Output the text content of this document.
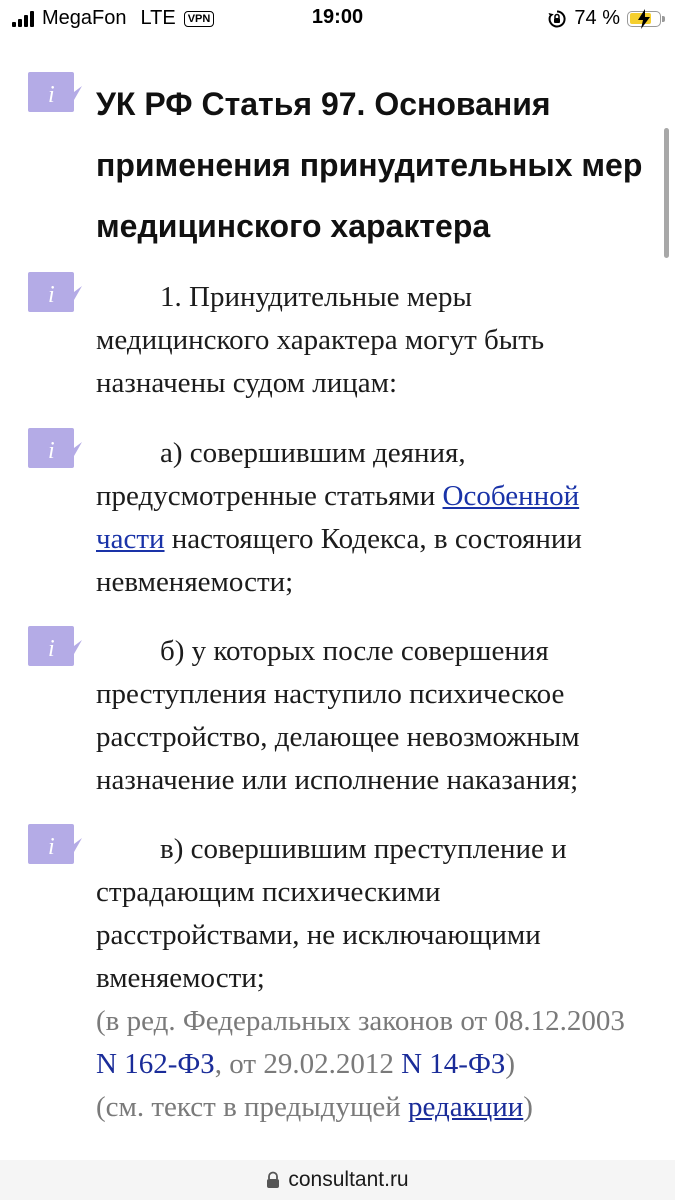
MegaFon LTE	VPN	19:00	74 %
i УК РФ Статья 97. Основания применения принудительных мер медицинского характера
i	1. Принудительные меры медицинского характера могут быть назначены судом лицам:

i	а) совершившим деяния, предусмотренные статьями Особенной части настоящего Кодекса, в состоянии невменяемости;

i	б) у которых после совершения преступления наступило психическое расстройство, делающее невозможным назначение или исполнение наказания;

i	в) совершившим преступление и страдающим психическими расстройствами, не исключающими вменяемости;
(в ред. Федеральных законов от 08.12.2003 N 162-ФЗ, от 29.02.2012 N 14-ФЗ)
(см. текст в предыдущей редакции)
consultant.ru
